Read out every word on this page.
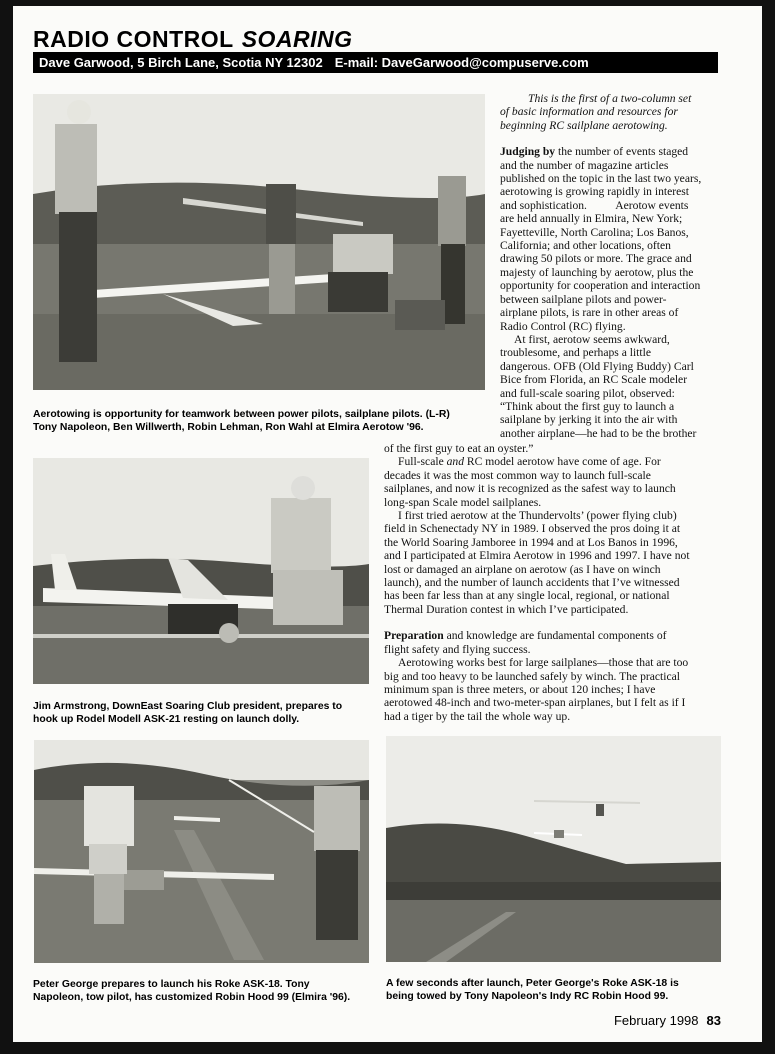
RADIO CONTROL SOARING
Dave Garwood, 5 Birch Lane, Scotia NY 12302 E-mail: DaveGarwood@compuserve.com
Aerotowing is opportunity for teamwork between power pilots, sailplane pilots. (L-R)
Tony Napoleon, Ben Willwerth, Robin Lehman, Ron Wahl at Elmira Aerotow '96.

This is the first of a two-column set
of basic information and resources for
beginning RC sailplane aerotowing.

Judging by the number of events staged
and the number of magazine articles
published on the topic in the last two years,
aerotowing is growing rapidly in interest
and sophistication.          Aerotow events
are held annually in Elmira, New York;
Fayetteville, North Carolina; Los Banos,
California; and other locations, often
drawing 50 pilots or more. The grace and
majesty of launching by aerotow, plus the
opportunity for cooperation and interaction
between sailplane pilots and power-
airplane pilots, is rare in other areas of
Radio Control (RC) flying.

At first, aerotow seems awkward,
troublesome, and perhaps a little
dangerous. OFB (Old Flying Buddy) Carl
Bice from Florida, an RC Scale modeler
and full-scale soaring pilot, observed:
“Think about the first guy to launch a
sailplane by jerking it into the air with
another airplane—he had to be the brother

Jim Armstrong, DownEast Soaring Club president, prepares to
hook up Rodel Modell ASK-21 resting on launch dolly.

of the first guy to eat an oyster.”

Full-scale and RC model aerotow have come of age. For
decades it was the most common way to launch full-scale
sailplanes, and now it is recognized as the safest way to launch
long-span Scale model sailplanes.

I first tried aerotow at the Thundervolts’ (power flying club)
field in Schenectady NY in 1989. I observed the pros doing it at
the World Soaring Jamboree in 1994 and at Los Banos in 1996,
and I participated at Elmira Aerotow in 1996 and 1997. I have not
lost or damaged an airplane on aerotow (as I have on winch
launch), and the number of launch accidents that I’ve witnessed
has been far less than at any single local, regional, or national
Thermal Duration contest in which I’ve participated.

Preparation and knowledge are fundamental components of
flight safety and flying success.

Aerotowing works best for large sailplanes—those that are too
big and too heavy to be launched safely by winch. The practical
minimum span is three meters, or about 120 inches; I have
aerotowed 48-inch and two-meter-span airplanes, but I felt as if I
had a tiger by the tail the whole way up.

Peter George prepares to launch his Roke ASK-18. Tony
Napoleon, tow pilot, has customized Robin Hood 99 (Elmira '96).
A few seconds after launch, Peter George's Roke ASK-18 is
being towed by Tony Napoleon's Indy RC Robin Hood 99.
February 1998 83
